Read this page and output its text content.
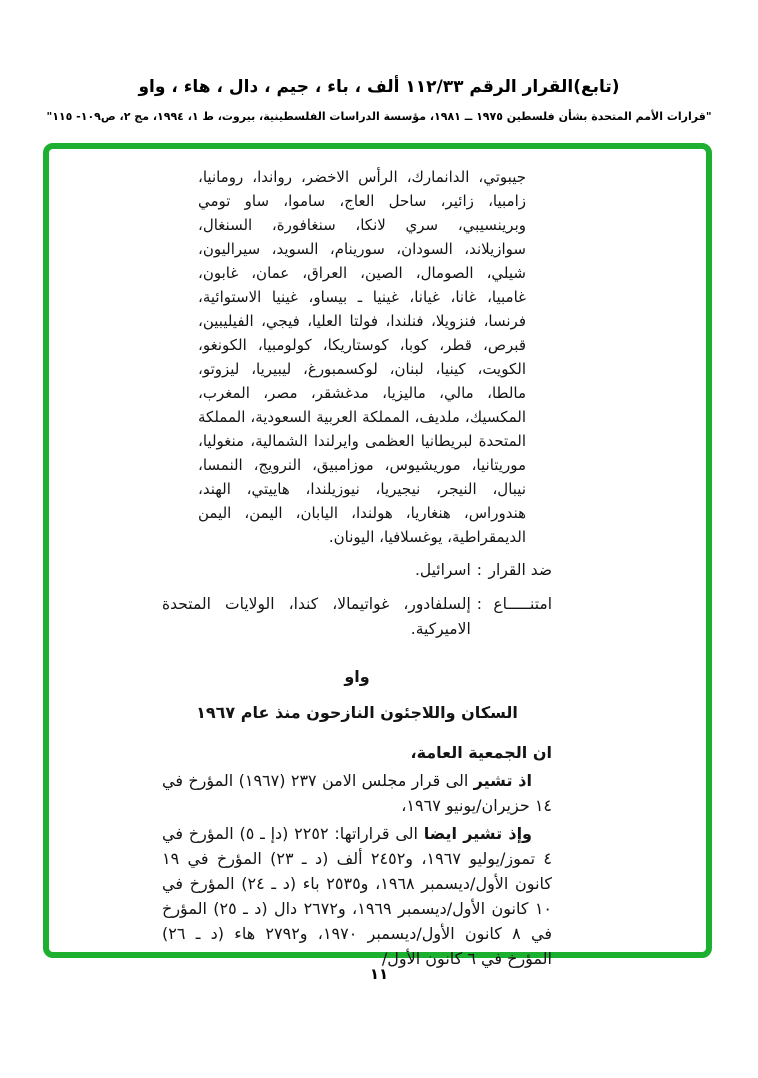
(تابع)القرار الرقم ١١٢/٣٣ ألف ، باء ، جيم ، دال ، هاء ، واو
"قرارات الأمم المتحدة بشأن فلسطين ١٩٧٥ ــ ١٩٨١، مؤسسة الدراسات الفلسطينية، بيروت، ط ١، ١٩٩٤، مج ٢، ص١٠٩- ١١٥"
جيبوتي، الدانمارك، الرأس الاخضر، رواندا، رومانيا، زامبيا، زائير، ساحل العاج، ساموا، ساو تومي وبرينسيبي، سري لانكا، سنغافورة، السنغال، سوازيلاند، السودان، سورينام، السويد، سيراليون، شيلي، الصومال، الصين، العراق، عمان، غابون، غامبيا، غانا، غيانا، غينيا ـ بيساو، غينيا الاستوائية، فرنسا، فنزويلا، فنلندا، فولتا العليا، فيجي، الفيليبين، قبرص، قطر، كوبا، كوستاريكا، كولومبيا، الكونغو، الكويت، كينيا، لبنان، لوكسمبورغ، ليبيريا، ليزوتو، مالطا، مالي، ماليزيا، مدغشقر، مصر، المغرب، المكسيك، ملديف، المملكة العربية السعودية، المملكة المتحدة لبريطانيا العظمى وايرلندا الشمالية، منغوليا، موريتانيا، موريشيوس، موزامبيق، النرويج، النمسا، نيبال، النيجر، نيجيريا، نيوزيلندا، هاييتي، الهند، هندوراس، هنغاريا، هولندا، اليابان، اليمن، اليمن الديمقراطية، يوغسلافيا، اليونان.
ضد القرار
:
اسرائيل.
امتنـــــاع
:
إلسلفادور، غواتيمالا، كندا، الولايات المتحدة الاميركية.
واو
السكان واللاجئون النازحون منذ عام ١٩٦٧
ان الجمعية العامة،

اذ تشير الى قرار مجلس الامن ٢٣٧ (١٩٦٧) المؤرخ في ١٤ حزيران/يونيو ١٩٦٧،

وإذ تشير ايضا الى قراراتها: ٢٢٥٢ (دإ ـ ٥) المؤرخ في ٤ تموز/يوليو ١٩٦٧، و٢٤٥٢ ألف (د ـ ٢٣) المؤرخ في ١٩ كانون الأول/ديسمبر ١٩٦٨، و٢٥٣٥ باء (د ـ ٢٤) المؤرخ في ١٠ كانون الأول/ديسمبر ١٩٦٩، و٢٦٧٢ دال (د ـ ٢٥) المؤرخ في ٨ كانون الأول/ديسمبر ١٩٧٠، و٢٧٩٢ هاء (د ـ ٢٦) المؤرخ في ٦ كانون الأول/

١١
